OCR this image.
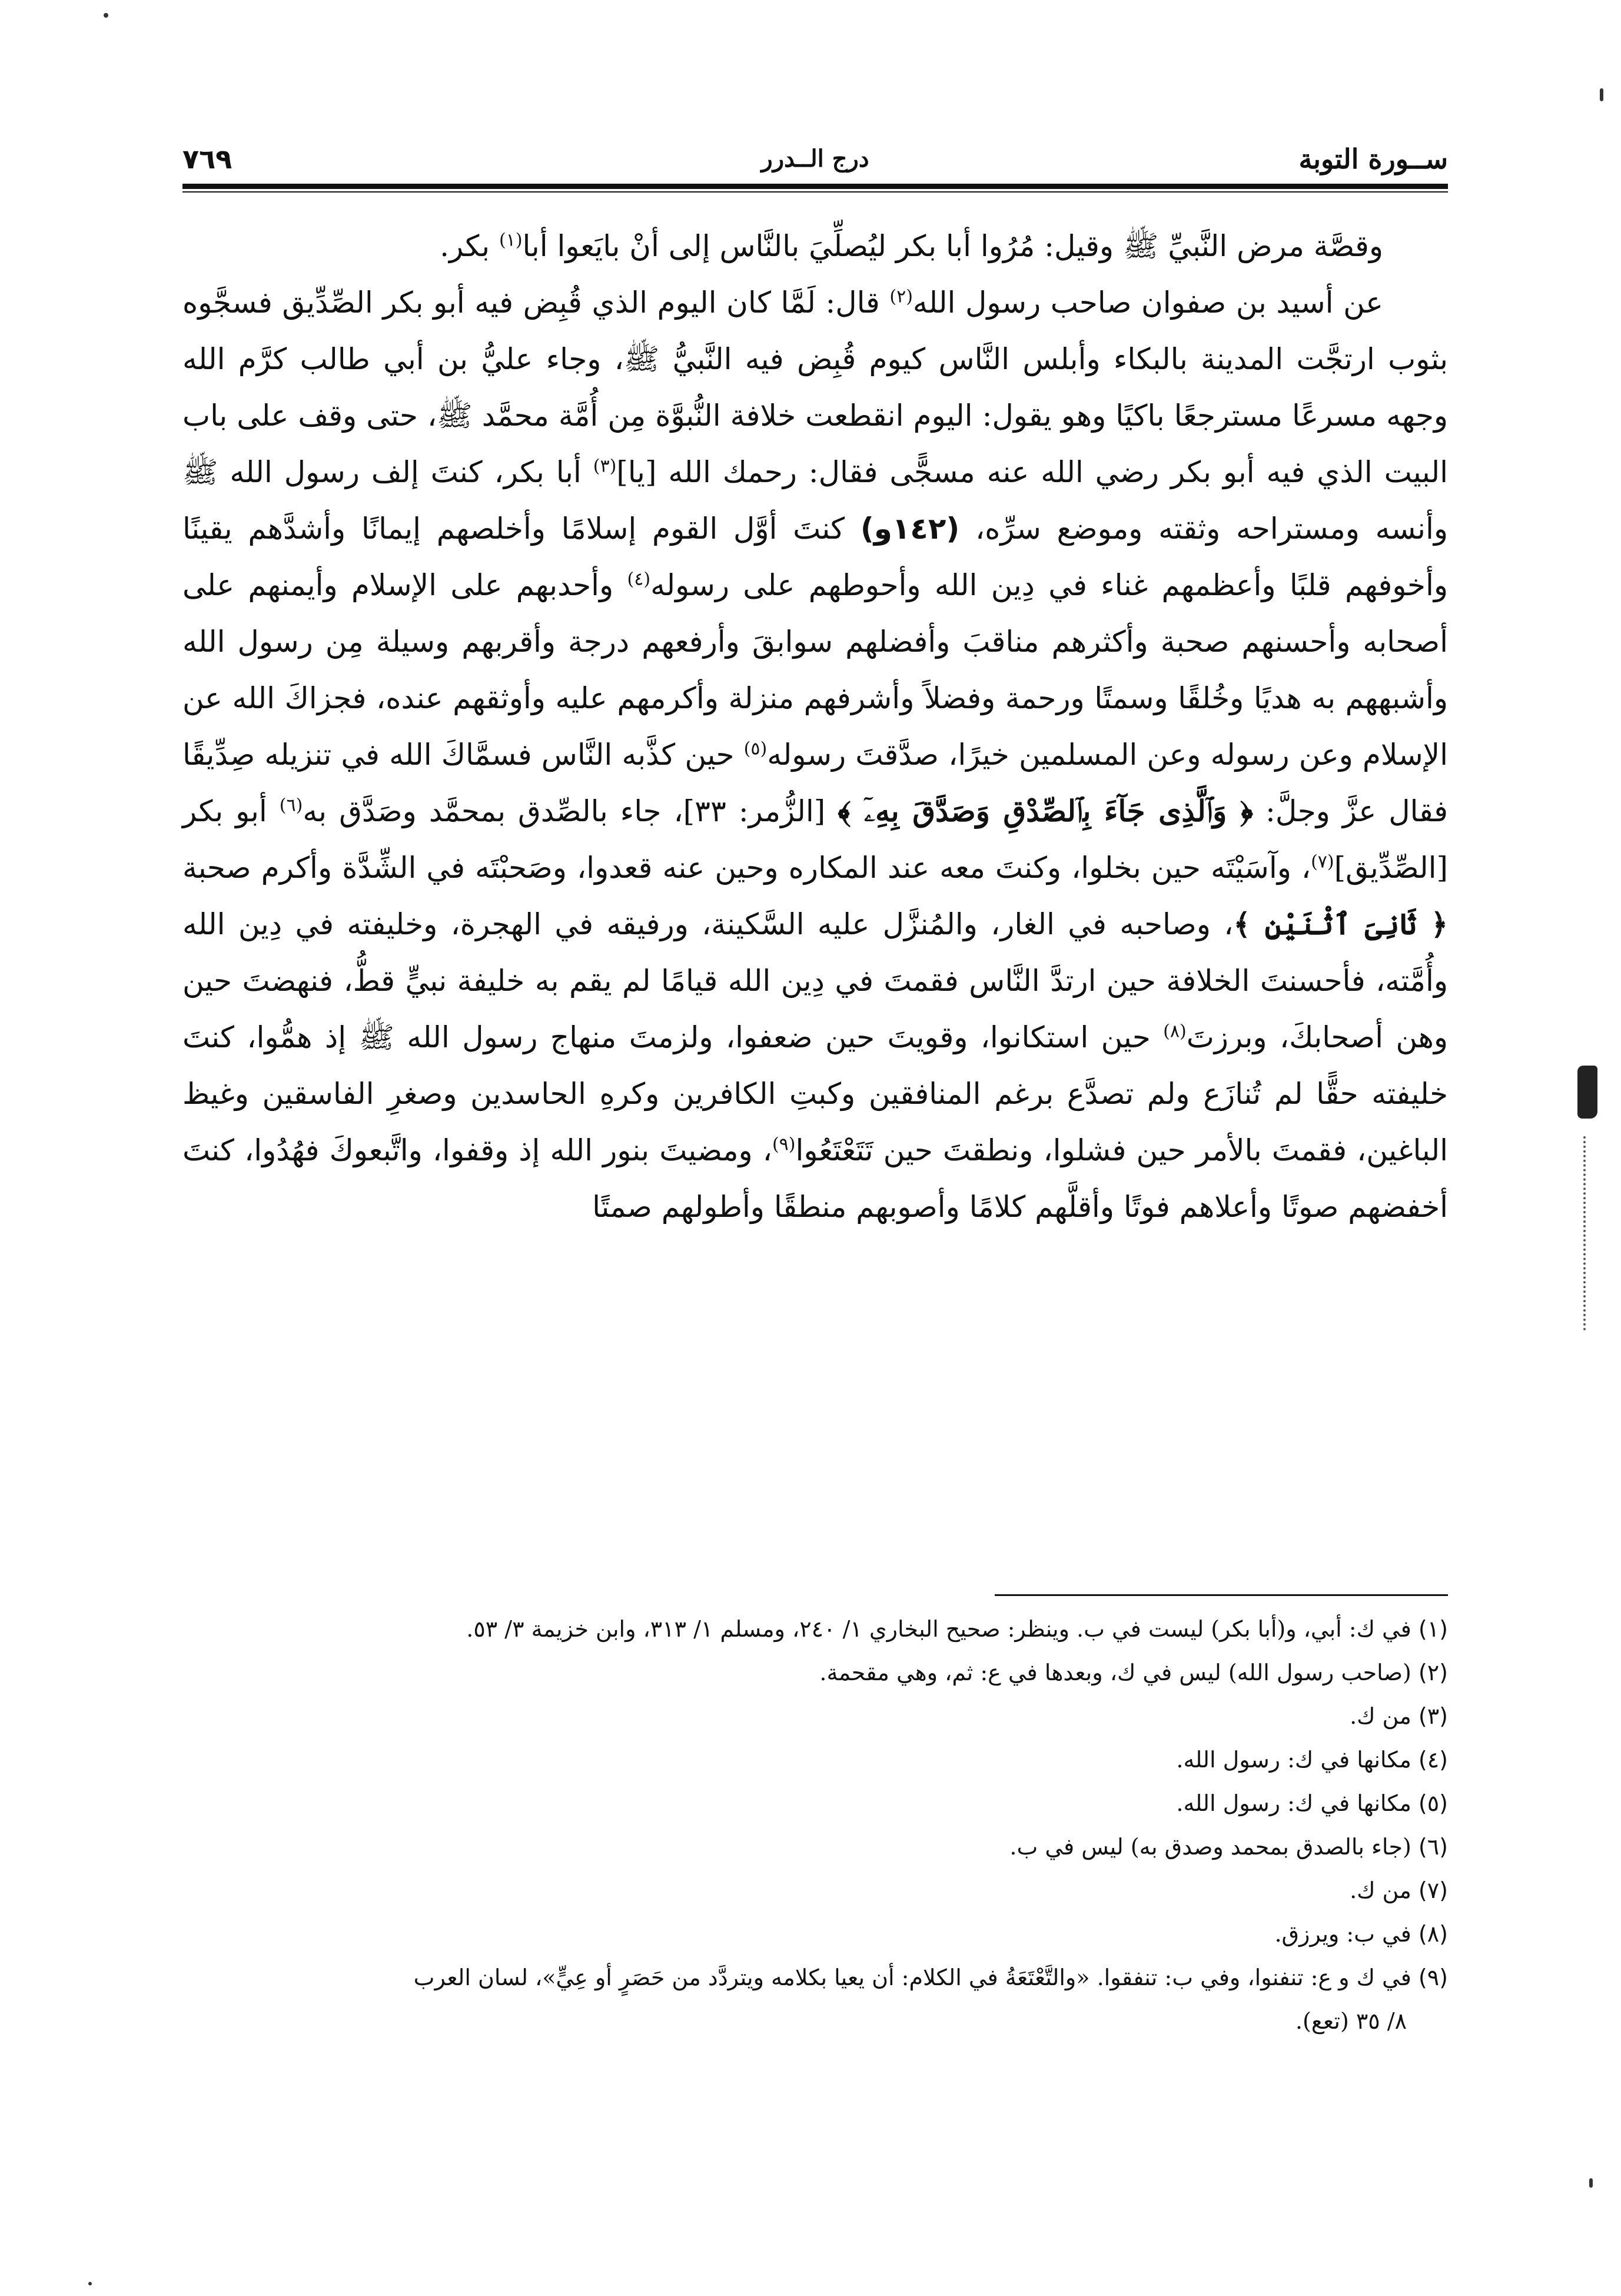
ســورة التوبة
درج الــدرر
٧٦٩

وقصَّة مرض النَّبيِّ ﷺ وقيل: مُرُوا أبا بكر ليُصلِّيَ بالنَّاس إلى أنْ بايَعوا أبا$^{(١)}$ بكر.

عن أسيد بن صفوان صاحب رسول الله$^{(٢)}$ قال: لَمَّا كان اليوم الذي قُبِض فيه أبو بكر الصِّدِّيق فسجَّوه بثوب ارتجَّت المدينة بالبكاء وأبلس النَّاس كيوم قُبِض فيه النَّبيُّ ﷺ، وجاء عليُّ بن أبي طالب كرَّم الله وجهه مسرعًا مسترجعًا باكيًا وهو يقول: اليوم انقطعت خلافة النُّبوَّة مِن أُمَّة محمَّد ﷺ، حتى وقف على باب البيت الذي فيه أبو بكر رضي الله عنه مسجًّى فقال: رحمك الله [يا]$^{(٣)}$ أبا بكر، كنتَ إلف رسول الله ﷺ وأنسه ومستراحه وثقته وموضع سرِّه، (١٤٢و) كنتَ أوَّل القوم إسلامًا وأخلصهم إيمانًا وأشدَّهم يقينًا وأخوفهم قلبًا وأعظمهم غناء في دِين الله وأحوطهم على رسوله$^{(٤)}$ وأحدبهم على الإسلام وأيمنهم على أصحابه وأحسنهم صحبة وأكثرهم مناقبَ وأفضلهم سوابقَ وأرفعهم درجة وأقربهم وسيلة مِن رسول الله وأشبههم به هديًا وخُلقًا وسمتًا ورحمة وفضلاً وأشرفهم منزلة وأكرمهم عليه وأوثقهم عنده، فجزاكَ الله عن الإسلام وعن رسوله وعن المسلمين خيرًا، صدَّقتَ رسوله$^{(٥)}$ حين كذَّبه النَّاس فسمَّاكَ الله في تنزيله صِدِّيقًا فقال عزَّ وجلَّ: ﴿ وَٱلَّذِى جَآءَ بِٱلصِّدْقِ وَصَدَّقَ بِهِۦٓ ﴾ [الزُّمر: ٣٣]، جاء بالصِّدق بمحمَّد وصَدَّق به$^{(٦)}$ أبو بكر [الصِّدِّيق]$^{(٧)}$، وآسَيْتَه حين بخلوا، وكنتَ معه عند المكاره وحين عنه قعدوا، وصَحبْتَه في الشِّدَّة وأكرم صحبة ﴿ ثَانِىَ ٱثْنَيْنِ ﴾، وصاحبه في الغار، والمُنزَّل عليه السَّكينة، ورفيقه في الهجرة، وخليفته في دِين الله وأُمَّته، فأحسنتَ الخلافة حين ارتدَّ النَّاس فقمتَ في دِين الله قيامًا لم يقم به خليفة نبيٍّ قطُّ، فنهضتَ حين وهن أصحابكَ، وبرزتَ$^{(٨)}$ حين استكانوا، وقويتَ حين ضعفوا، ولزمتَ منهاج رسول الله ﷺ إذ همُّوا، كنتَ خليفته حقًّا لم تُنازَع ولم تصدَّع برغم المنافقين وكبتِ الكافرين وكرهِ الحاسدين وصغرِ الفاسقين وغيظ الباغين، فقمتَ بالأمر حين فشلوا، ونطقتَ حين تَتَعْتَعُوا$^{(٩)}$، ومضيتَ بنور الله إذ وقفوا، واتَّبعوكَ فهُدُوا، كنتَ أخفضهم صوتًا وأعلاهم فوتًا وأقلَّهم كلامًا وأصوبهم منطقًا وأطولهم صمتًا

(١) في ك: أبي، و(أبا بكر) ليست في ب. وينظر: صحيح البخاري ١/ ٢٤٠، ومسلم ١/ ٣١٣، وابن خزيمة ٣/ ٥٣.

(٢) (صاحب رسول الله) ليس في ك، وبعدها في ع: ثم، وهي مقحمة.

(٣) من ك.

(٤) مكانها في ك: رسول الله.

(٥) مكانها في ك: رسول الله.

(٦) (جاء بالصدق بمحمد وصدق به) ليس في ب.

(٧) من ك.

(٨) في ب: ويرزق.

(٩) في ك و ع: تنفنوا، وفي ب: تنفقوا. «والتَّعْتَعَةُ في الكلام: أن يعيا بكلامه ويتردَّد من حَصَرٍ أو عِيٍّ»، لسان العرب
٨/ ٣٥ (تعع).
